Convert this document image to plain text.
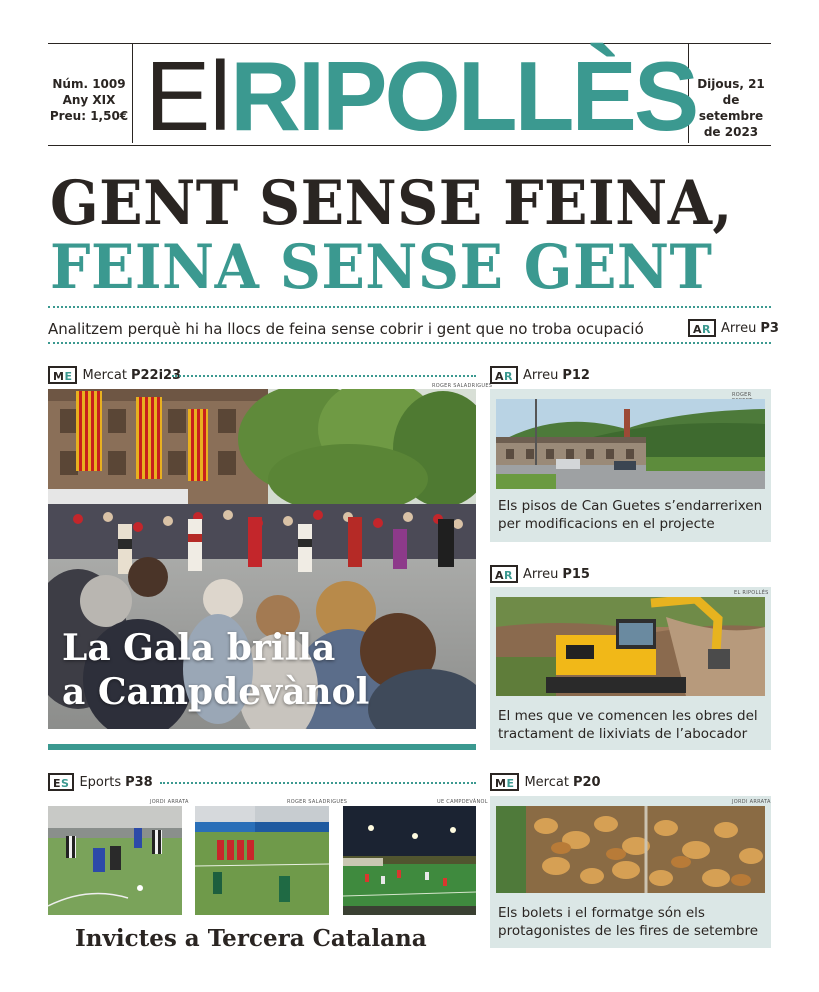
Núm. 1009
Any XIX
Preu: 1,50€ ElRIPOLLÈS Dijous, 21
de setembre
de 2023
GENT SENSE FEINA,
FEINA SENSE GENT
Analitzem perquè hi ha llocs de feina sense cobrir i gent que no troba ocupació	AR Arreu P3
ME Mercat P22i23
ROGER SALADRIGUES
La Gala brilla
a Campdevànol
AR Arreu P12
ROGER
Els pisos de Can Guetes s’endarrerixen per modificacions en el projecte
AR Arreu P15
EL RIPOLLÈS
El mes que ve comencen les obres del tractament de lixiviats de l’abocador
ES Eports P38
JORDI ARRATA	ROGER SALADRIGUES	UE CAMPDEVÀNOL
Invictes a Tercera Catalana
ME Mercat P20
JORDI ARRATA
Els bolets i el formatge són els protagonistes de les fires de setembre
